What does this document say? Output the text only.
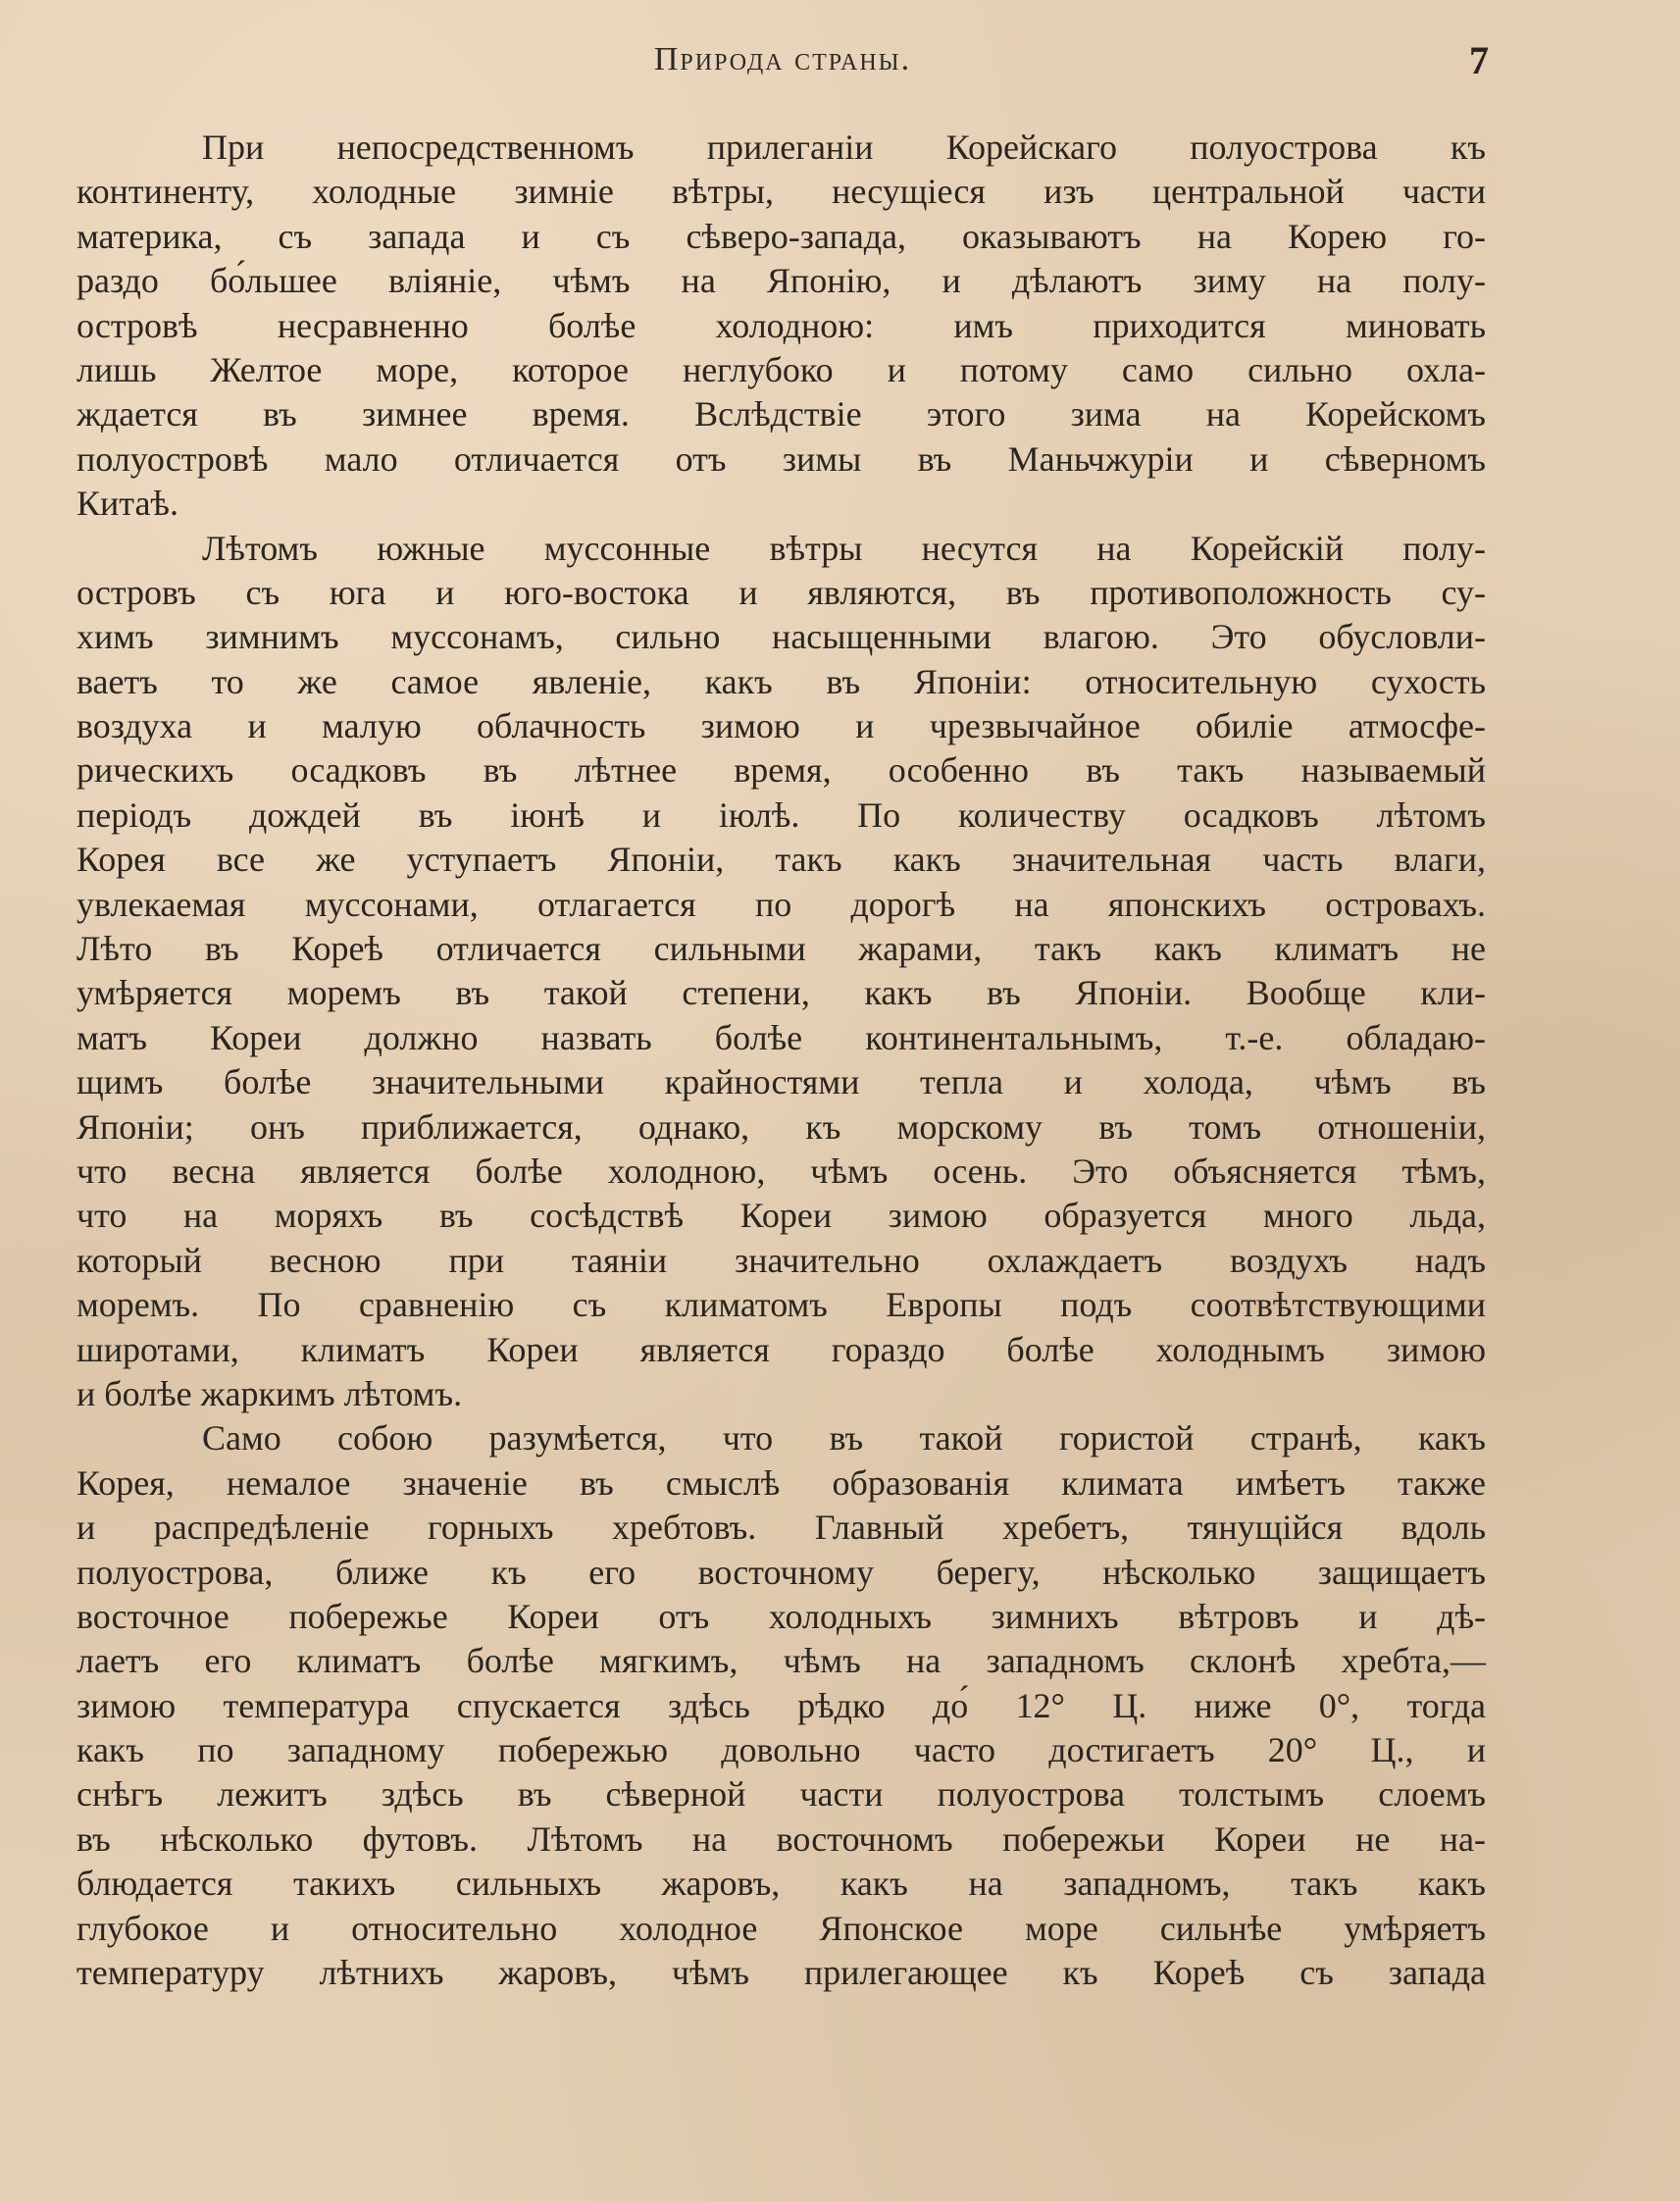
Природа страны.	7
При непосредственномъ прилеганіи Корейскаго полуострова къ
континенту, холодные зимніе вѣтры, несущіеся изъ центральной части
материка, съ запада и съ сѣверо-запада, оказываютъ на Корею го-
раздо бо́льшее вліяніе, чѣмъ на Японію, и дѣлаютъ зиму на полу-
островѣ несравненно болѣе холодною: имъ приходится миновать
лишь Желтое море, которое неглубоко и потому само сильно охла-
ждается въ зимнее время. Вслѣдствіе этого зима на Корейскомъ
полуостровѣ мало отличается отъ зимы въ Маньчжуріи и сѣверномъ
Китаѣ.
Лѣтомъ южные муссонные вѣтры несутся на Корейскій полу-
островъ съ юга и юго-востока и являются, въ противоположность су-
химъ зимнимъ муссонамъ, сильно насыщенными влагою. Это обусловли-
ваетъ то же самое явленіе, какъ въ Японіи: относительную сухость
воздуха и малую облачность зимою и чрезвычайное обиліе атмосфе-
рическихъ осадковъ въ лѣтнее время, особенно въ такъ называемый
періодъ дождей въ іюнѣ и іюлѣ. По количеству осадковъ лѣтомъ
Корея все же уступаетъ Японіи, такъ какъ значительная часть влаги,
увлекаемая муссонами, отлагается по дорогѣ на японскихъ островахъ.
Лѣто въ Кореѣ отличается сильными жарами, такъ какъ климатъ не
умѣряется моремъ въ такой степени, какъ въ Японіи. Вообще кли-
матъ Кореи должно назвать болѣе континентальнымъ, т.-е. обладаю-
щимъ болѣе значительными крайностями тепла и холода, чѣмъ въ
Японіи; онъ приближается, однако, къ морскому въ томъ отношеніи,
что весна является болѣе холодною, чѣмъ осень. Это объясняется тѣмъ,
что на моряхъ въ сосѣдствѣ Кореи зимою образуется много льда,
который весною при таяніи значительно охлаждаетъ воздухъ надъ
моремъ. По сравненію съ климатомъ Европы подъ соотвѣтствующими
широтами, климатъ Кореи является гораздо болѣе холоднымъ зимою
и болѣе жаркимъ лѣтомъ.
Само собою разумѣется, что въ такой гористой странѣ, какъ
Корея, немалое значеніе въ смыслѣ образованія климата имѣетъ также
и распредѣленіе горныхъ хребтовъ. Главный хребетъ, тянущійся вдоль
полуострова, ближе къ его восточному берегу, нѣсколько защищаетъ
восточное побережье Кореи отъ холодныхъ зимнихъ вѣтровъ и дѣ-
лаетъ его климатъ болѣе мягкимъ, чѣмъ на западномъ склонѣ хребта,—
зимою температура спускается здѣсь рѣдко до́ 12° Ц. ниже 0°, тогда
какъ по западному побережью довольно часто достигаетъ 20° Ц., и
снѣгъ лежитъ здѣсь въ сѣверной части полуострова толстымъ слоемъ
въ нѣсколько футовъ. Лѣтомъ на восточномъ побережьи Кореи не на-
блюдается такихъ сильныхъ жаровъ, какъ на западномъ, такъ какъ
глубокое и относительно холодное Японское море сильнѣе умѣряетъ
температуру лѣтнихъ жаровъ, чѣмъ прилегающее къ Кореѣ съ запада
